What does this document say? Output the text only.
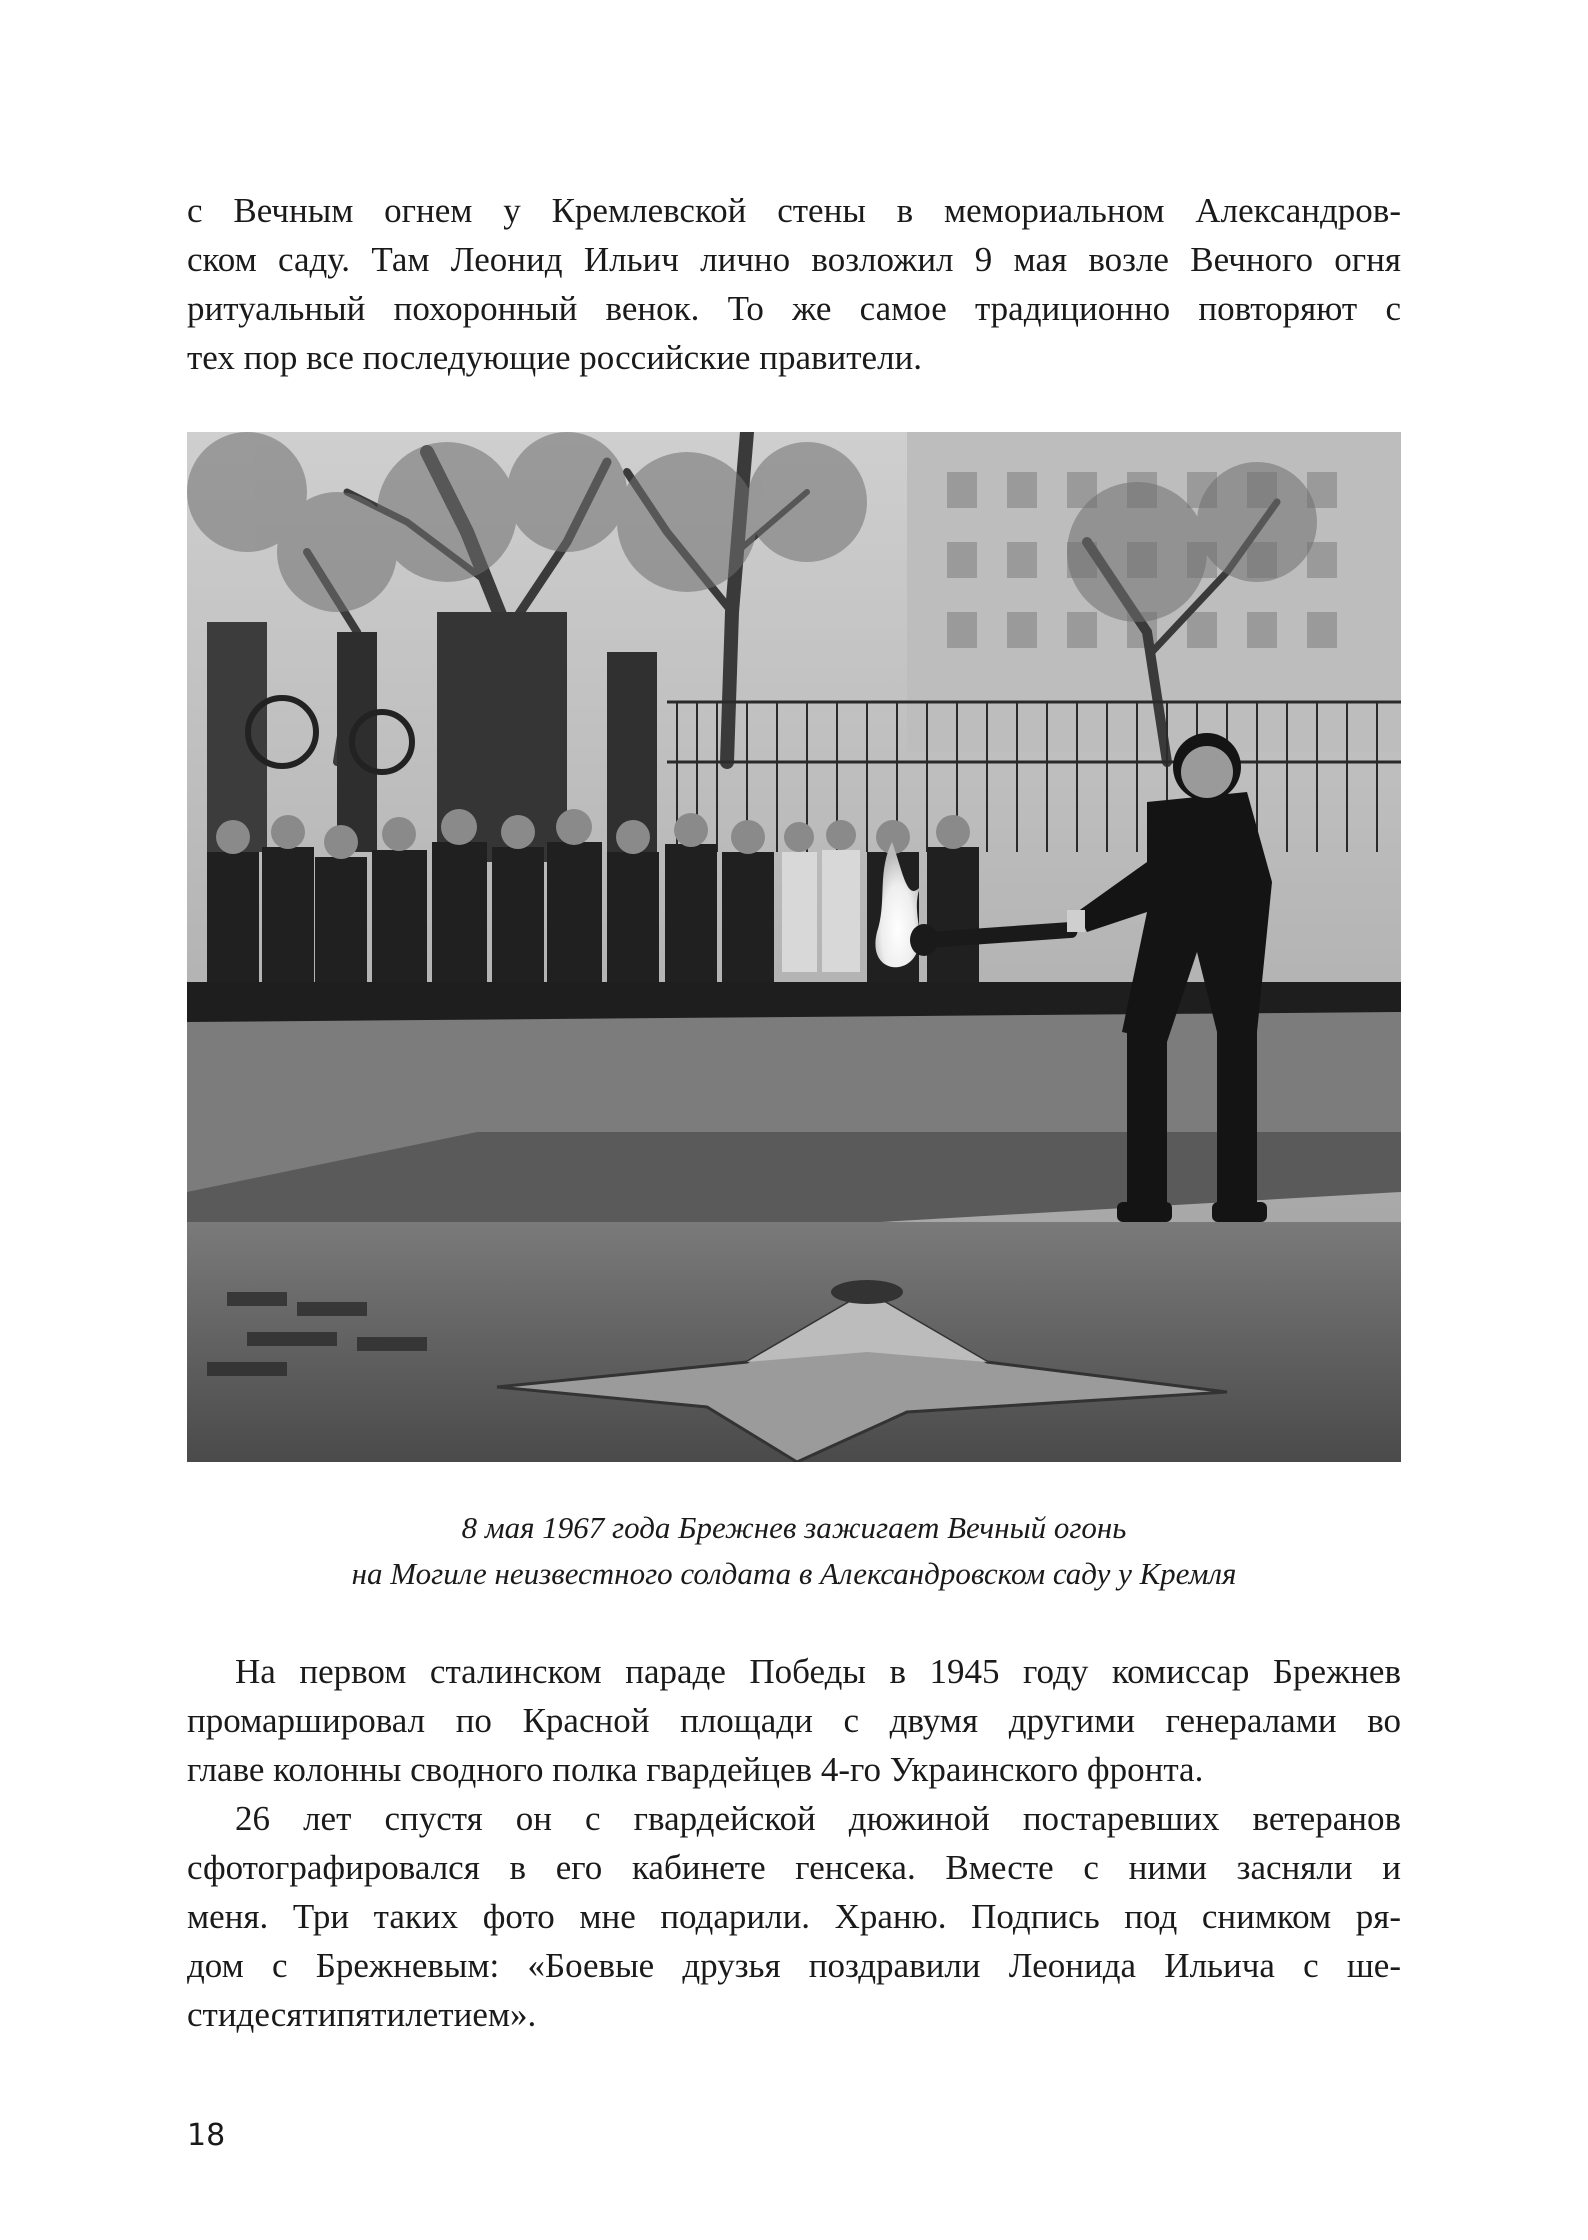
с Вечным огнем у Кремлевской стены в мемориальном Александров-
ском саду. Там Леонид Ильич лично возложил 9 мая возле Вечного огня
ритуальный похоронный венок. То же самое традиционно повторяют с
тех пор все последующие российские правители.
8 мая 1967 года Брежнев зажигает Вечный огонь
на Могиле неизвестного солдата в Александровском саду у Кремля

На первом сталинском параде Победы в 1945 году комиссар Брежнев
промаршировал по Красной площади с двумя другими генералами во
главе колонны сводного полка гвардейцев 4-го Украинского фронта.

26 лет спустя он с гвардейской дюжиной постаревших ветеранов
сфотографировался в его кабинете генсека. Вместе с ними засняли и
меня. Три таких фото мне подарили. Храню. Подпись под снимком ря-
дом с Брежневым: «Боевые друзья поздравили Леонида Ильича с ше-
стидесятипятилетием».

18
